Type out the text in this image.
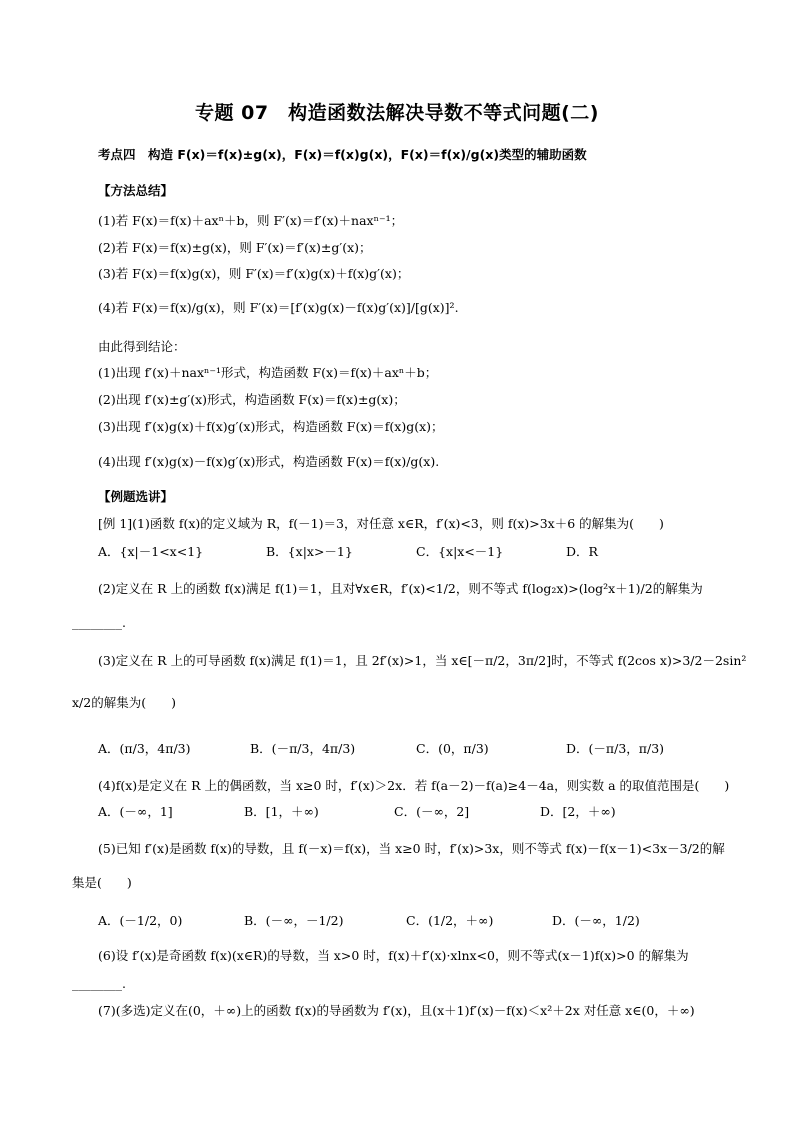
专题 07　构造函数法解决导数不等式问题(二)
考点四　构造 F(x)＝f(x)±g(x)，F(x)＝f(x)g(x)，F(x)＝f(x)/g(x)类型的辅助函数
【方法总结】
(1)若 F(x)＝f(x)＋axⁿ＋b，则 F′(x)＝f′(x)＋naxⁿ⁻¹；
(2)若 F(x)＝f(x)±g(x)，则 F′(x)＝f′(x)±g′(x)；
(3)若 F(x)＝f(x)g(x)，则 F′(x)＝f′(x)g(x)＋f(x)g′(x)；
(4)若 F(x)＝f(x)/g(x)，则 F′(x)＝[f′(x)g(x)－f(x)g′(x)]/[g(x)]².
由此得到结论：
(1)出现 f′(x)＋naxⁿ⁻¹形式，构造函数 F(x)＝f(x)＋axⁿ＋b；
(2)出现 f′(x)±g′(x)形式，构造函数 F(x)＝f(x)±g(x)；
(3)出现 f′(x)g(x)＋f(x)g′(x)形式，构造函数 F(x)＝f(x)g(x)；
(4)出现 f′(x)g(x)－f(x)g′(x)形式，构造函数 F(x)＝f(x)/g(x).
【例题选讲】
[例 1](1)函数 f(x)的定义域为 R，f(－1)＝3，对任意 x∈R，f′(x)<3，则 f(x)>3x＋6 的解集为(　　)
A．{x|－1<x<1}	B．{x|x>－1}	C．{x|x<－1}	D．R
(2)定义在 R 上的函数 f(x)满足 f(1)＝1，且对∀x∈R，f′(x)<1/2，则不等式 f(log₂x)>(log²x＋1)/2的解集为
________.
(3)定义在 R 上的可导函数 f(x)满足 f(1)＝1，且 2f′(x)>1，当 x∈[－π/2，3π/2]时，不等式 f(2cos x)>3/2－2sin²
x/2的解集为(　　)
A．(π/3，4π/3)	B．(－π/3，4π/3)	C．(0，π/3)	D．(－π/3，π/3)
(4)f(x)是定义在 R 上的偶函数，当 x≥0 时，f′(x)＞2x．若 f(a－2)－f(a)≥4－4a，则实数 a 的取值范围是(　　)
A．(－∞，1]	B．[1，＋∞)	C．(－∞，2]	D．[2，＋∞)
(5)已知 f′(x)是函数 f(x)的导数，且 f(－x)＝f(x)，当 x≥0 时，f′(x)>3x，则不等式 f(x)－f(x－1)<3x－3/2的解
集是(　　)
A．(－1/2，0)	B．(－∞，－1/2)	C．(1/2，＋∞)	D．(－∞，1/2)
(6)设 f′(x)是奇函数 f(x)(x∈R)的导数，当 x>0 时，f(x)＋f′(x)·xlnx<0，则不等式(x－1)f(x)>0 的解集为
________.
(7)(多选)定义在(0，＋∞)上的函数 f(x)的导函数为 f′(x)，且(x＋1)f′(x)－f(x)＜x²＋2x 对任意 x∈(0，＋∞)
